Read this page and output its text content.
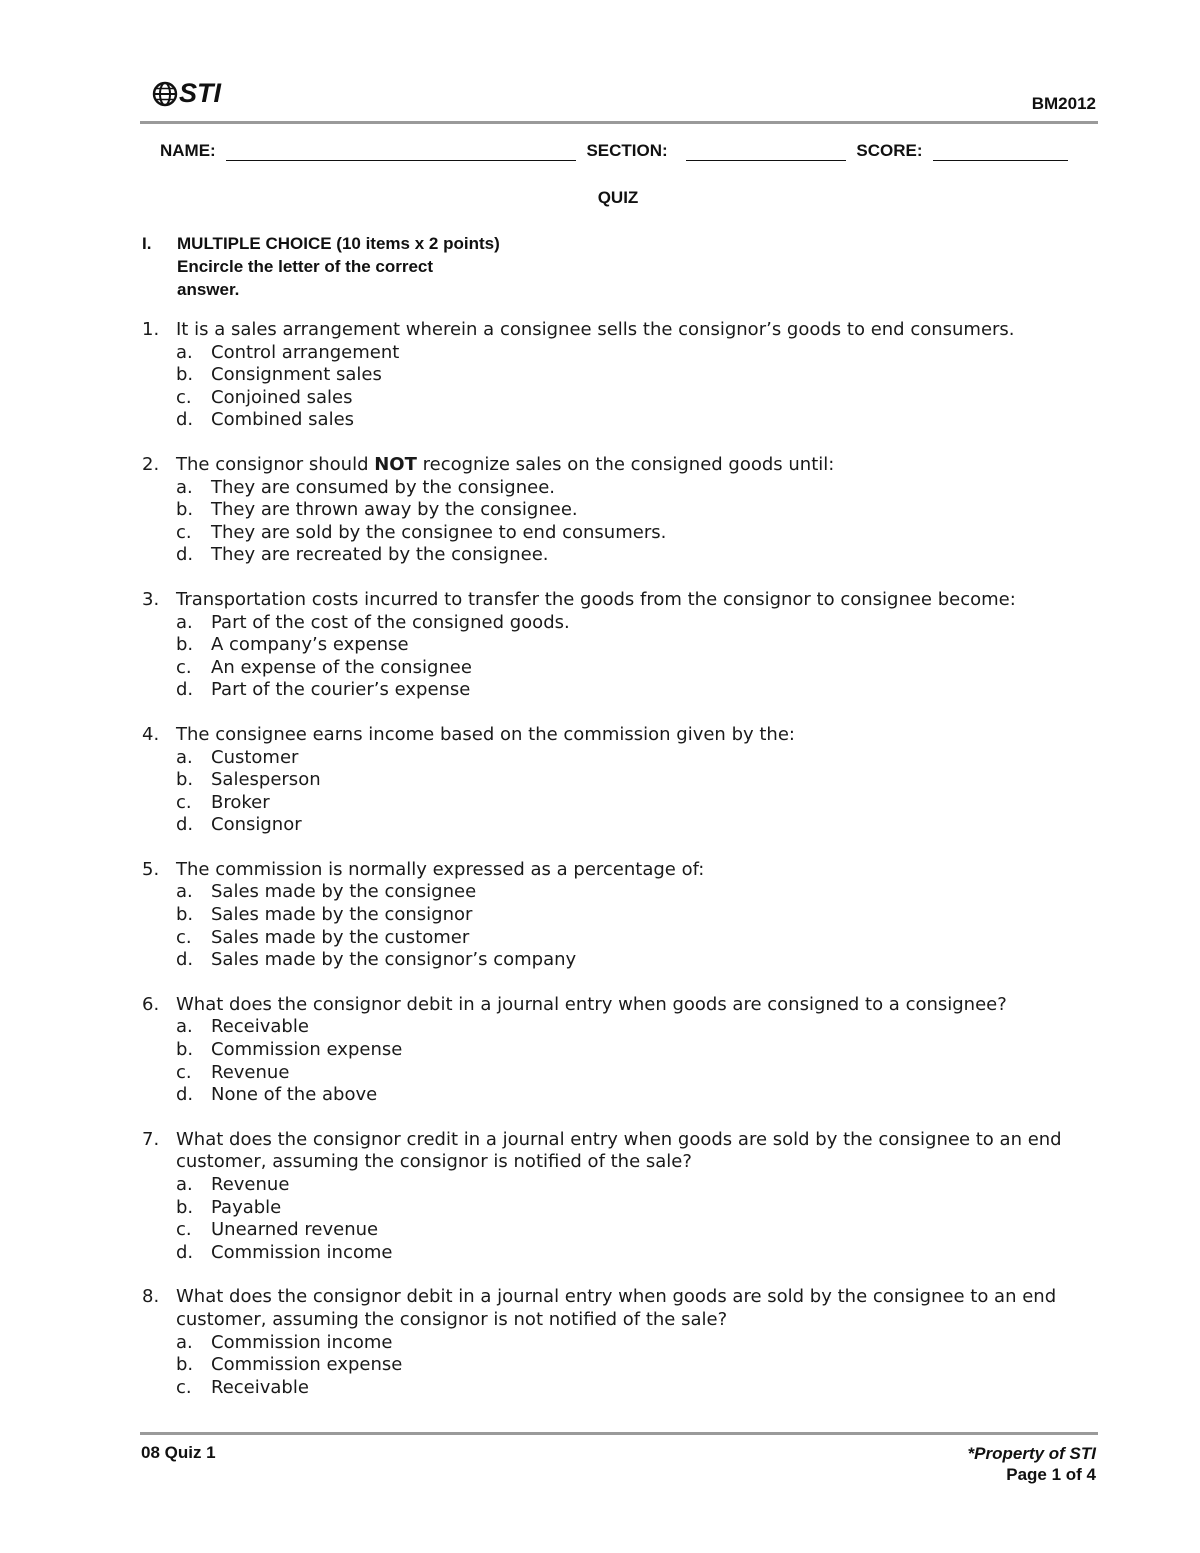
STI	BM2012
NAME:	SECTION:	SCORE:
QUIZ
I. MULTIPLE CHOICE (10 items x 2 points)
Encircle the letter of the correct
answer.
1. It is a sales arrangement wherein a consignee sells the consignor’s goods to end consumers.
a.	Control arrangement
b. Consignment sales
c.	Conjoined sales
d. Combined sales
2. The consignor should NOT recognize sales on the consigned goods until:
a.	They are consumed by the consignee.
b. They are thrown away by the consignee.
c.	They are sold by the consignee to end consumers.
d. They are recreated by the consignee.
3. Transportation costs incurred to transfer the goods from the consignor to consignee become:
a.	Part of the cost of the consigned goods.
b. A company’s expense
c.	An expense of the consignee
d. Part of the courier’s expense
4. The consignee earns income based on the commission given by the:
a.	Customer
b. Salesperson
c.	Broker
d. Consignor
5. The commission is normally expressed as a percentage of:
a.	Sales made by the consignee
b. Sales made by the consignor
c.	Sales made by the customer
d. Sales made by the consignor’s company
6. What does the consignor debit in a journal entry when goods are consigned to a consignee?
a.	Receivable
b. Commission expense
c.	Revenue
d. None of the above
7. What does the consignor credit in a journal entry when goods are sold by the consignee to an end customer, assuming the consignor is notified of the sale?
a.	Revenue
b. Payable
c.	Unearned revenue
d. Commission income
8. What does the consignor debit in a journal entry when goods are sold by the consignee to an end customer, assuming the consignor is not notified of the sale?
a.	Commission income
b. Commission expense
c.	Receivable
08 Quiz 1	*Property of STI
Page 1 of 4
